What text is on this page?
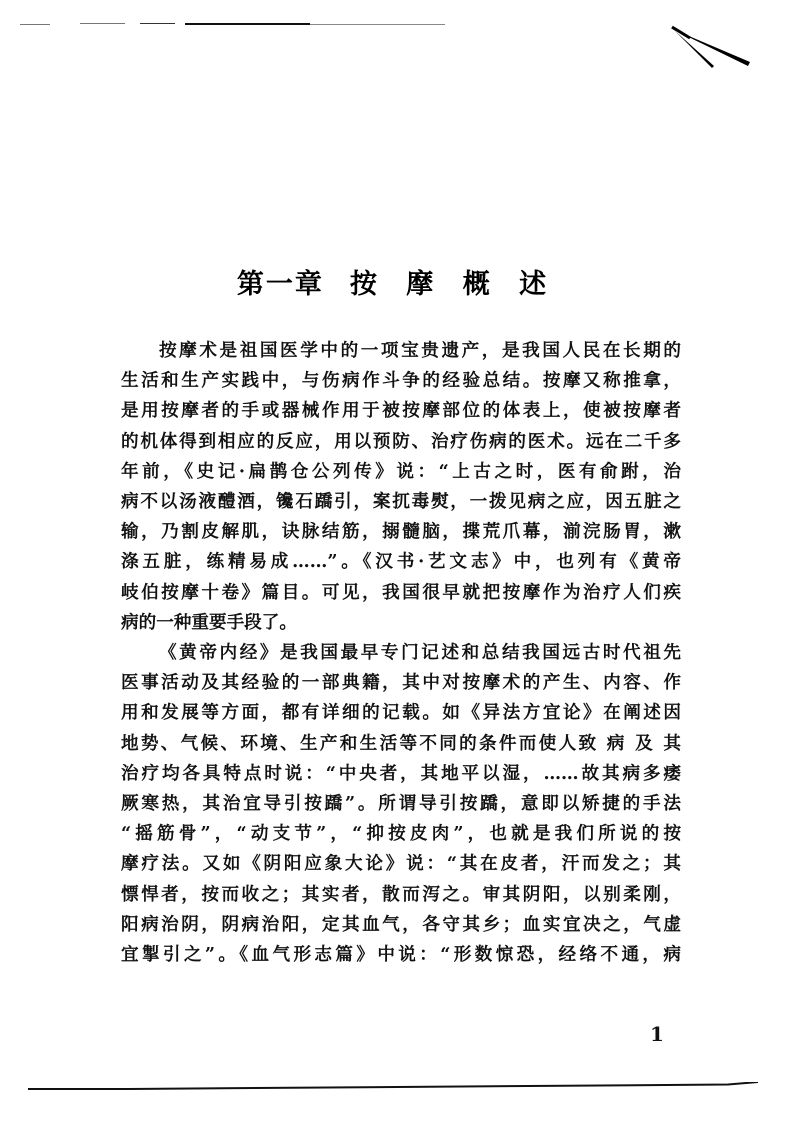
第一章 按 摩 概 述
按摩术是祖国医学中的一项宝贵遗产，是我国人民在长期的
生活和生产实践中，与伤病作斗争的经验总结。按摩又称推拿，
是用按摩者的手或器械作用于被按摩部位的体表上，使被按摩者
的机体得到相应的反应，用以预防、治疗伤病的医术。远在二千多
年前，《史记·扁鹊仓公列传》说：“上古之时，医有俞跗，治
病不以汤液醴酒，镵石蹻引，案扤毒熨，一拨见病之应，因五脏之
输，乃割皮解肌，诀脉结筋，搦髓脑，揲荒爪幕，湔浣肠胃，漱
涤五脏，练精易成……”。《汉书·艺文志》中，也列有《黄帝
岐伯按摩十卷》篇目。可见，我国很早就把按摩作为治疗人们疾
病的一种重要手段了。
《黄帝内经》是我国最早专门记述和总结我国远古时代祖先
医事活动及其经验的一部典籍，其中对按摩术的产生、内容、作
用和发展等方面，都有详细的记载。如《异法方宜论》在阐述因
地势、气候、环境、生产和生活等不同的条件而使人致 病 及 其
治疗均各具特点时说：“中央者，其地平以湿，……故其病多痿
厥寒热，其治宜导引按蹻”。所谓导引按蹻，意即以矫捷的手法
“摇筋骨”，“动支节”，“抑按皮肉”，也就是我们所说的按
摩疗法。又如《阴阳应象大论》说：“其在皮者，汗而发之；其
慓悍者，按而收之；其实者，散而泻之。审其阴阳，以别柔刚，
阳病治阴，阴病治阳，定其血气，各守其乡；血实宜决之，气虚
宜掣引之”。《血气形志篇》中说：“形数惊恐，经络不通，病
1
